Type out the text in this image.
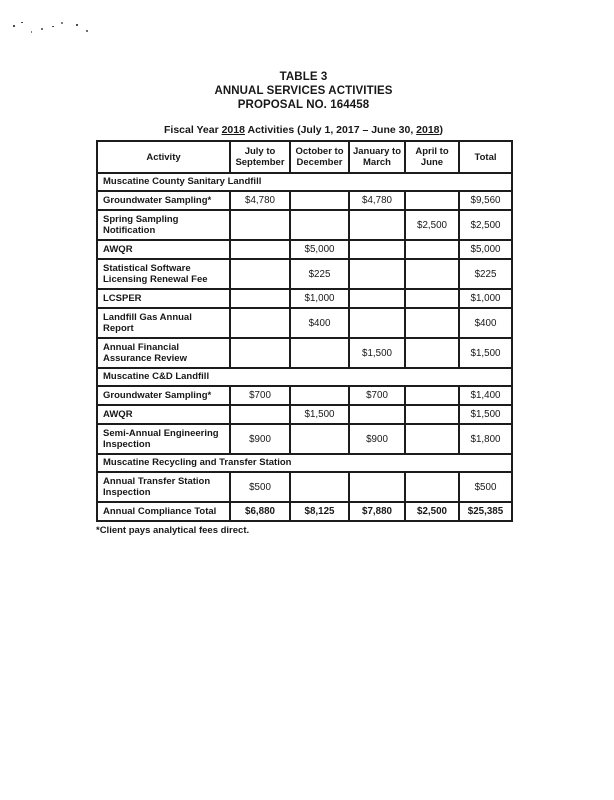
TABLE 3
ANNUAL SERVICES ACTIVITIES
PROPOSAL NO. 164458
Fiscal Year 2018 Activities (July 1, 2017 – June 30, 2018)
Activity	July to September	October to December	January to March	April to June	Total
Muscatine County Sanitary Landfill					
Groundwater Sampling*	$4,780		$4,780		$9,560
Spring Sampling Notification				$2,500	$2,500
AWQR		$5,000			$5,000
Statistical Software Licensing Renewal Fee		$225			$225
LCSPER		$1,000			$1,000
Landfill Gas Annual Report		$400			$400
Annual Financial Assurance Review			$1,500		$1,500
Muscatine C&D Landfill					
Groundwater Sampling*	$700		$700		$1,400
AWQR		$1,500			$1,500
Semi-Annual Engineering Inspection	$900		$900		$1,800
Muscatine Recycling and Transfer Station					
Annual Transfer Station Inspection	$500				$500
Annual Compliance Total	$6,880	$8,125	$7,880	$2,500	$25,385
*Client pays analytical fees direct.
